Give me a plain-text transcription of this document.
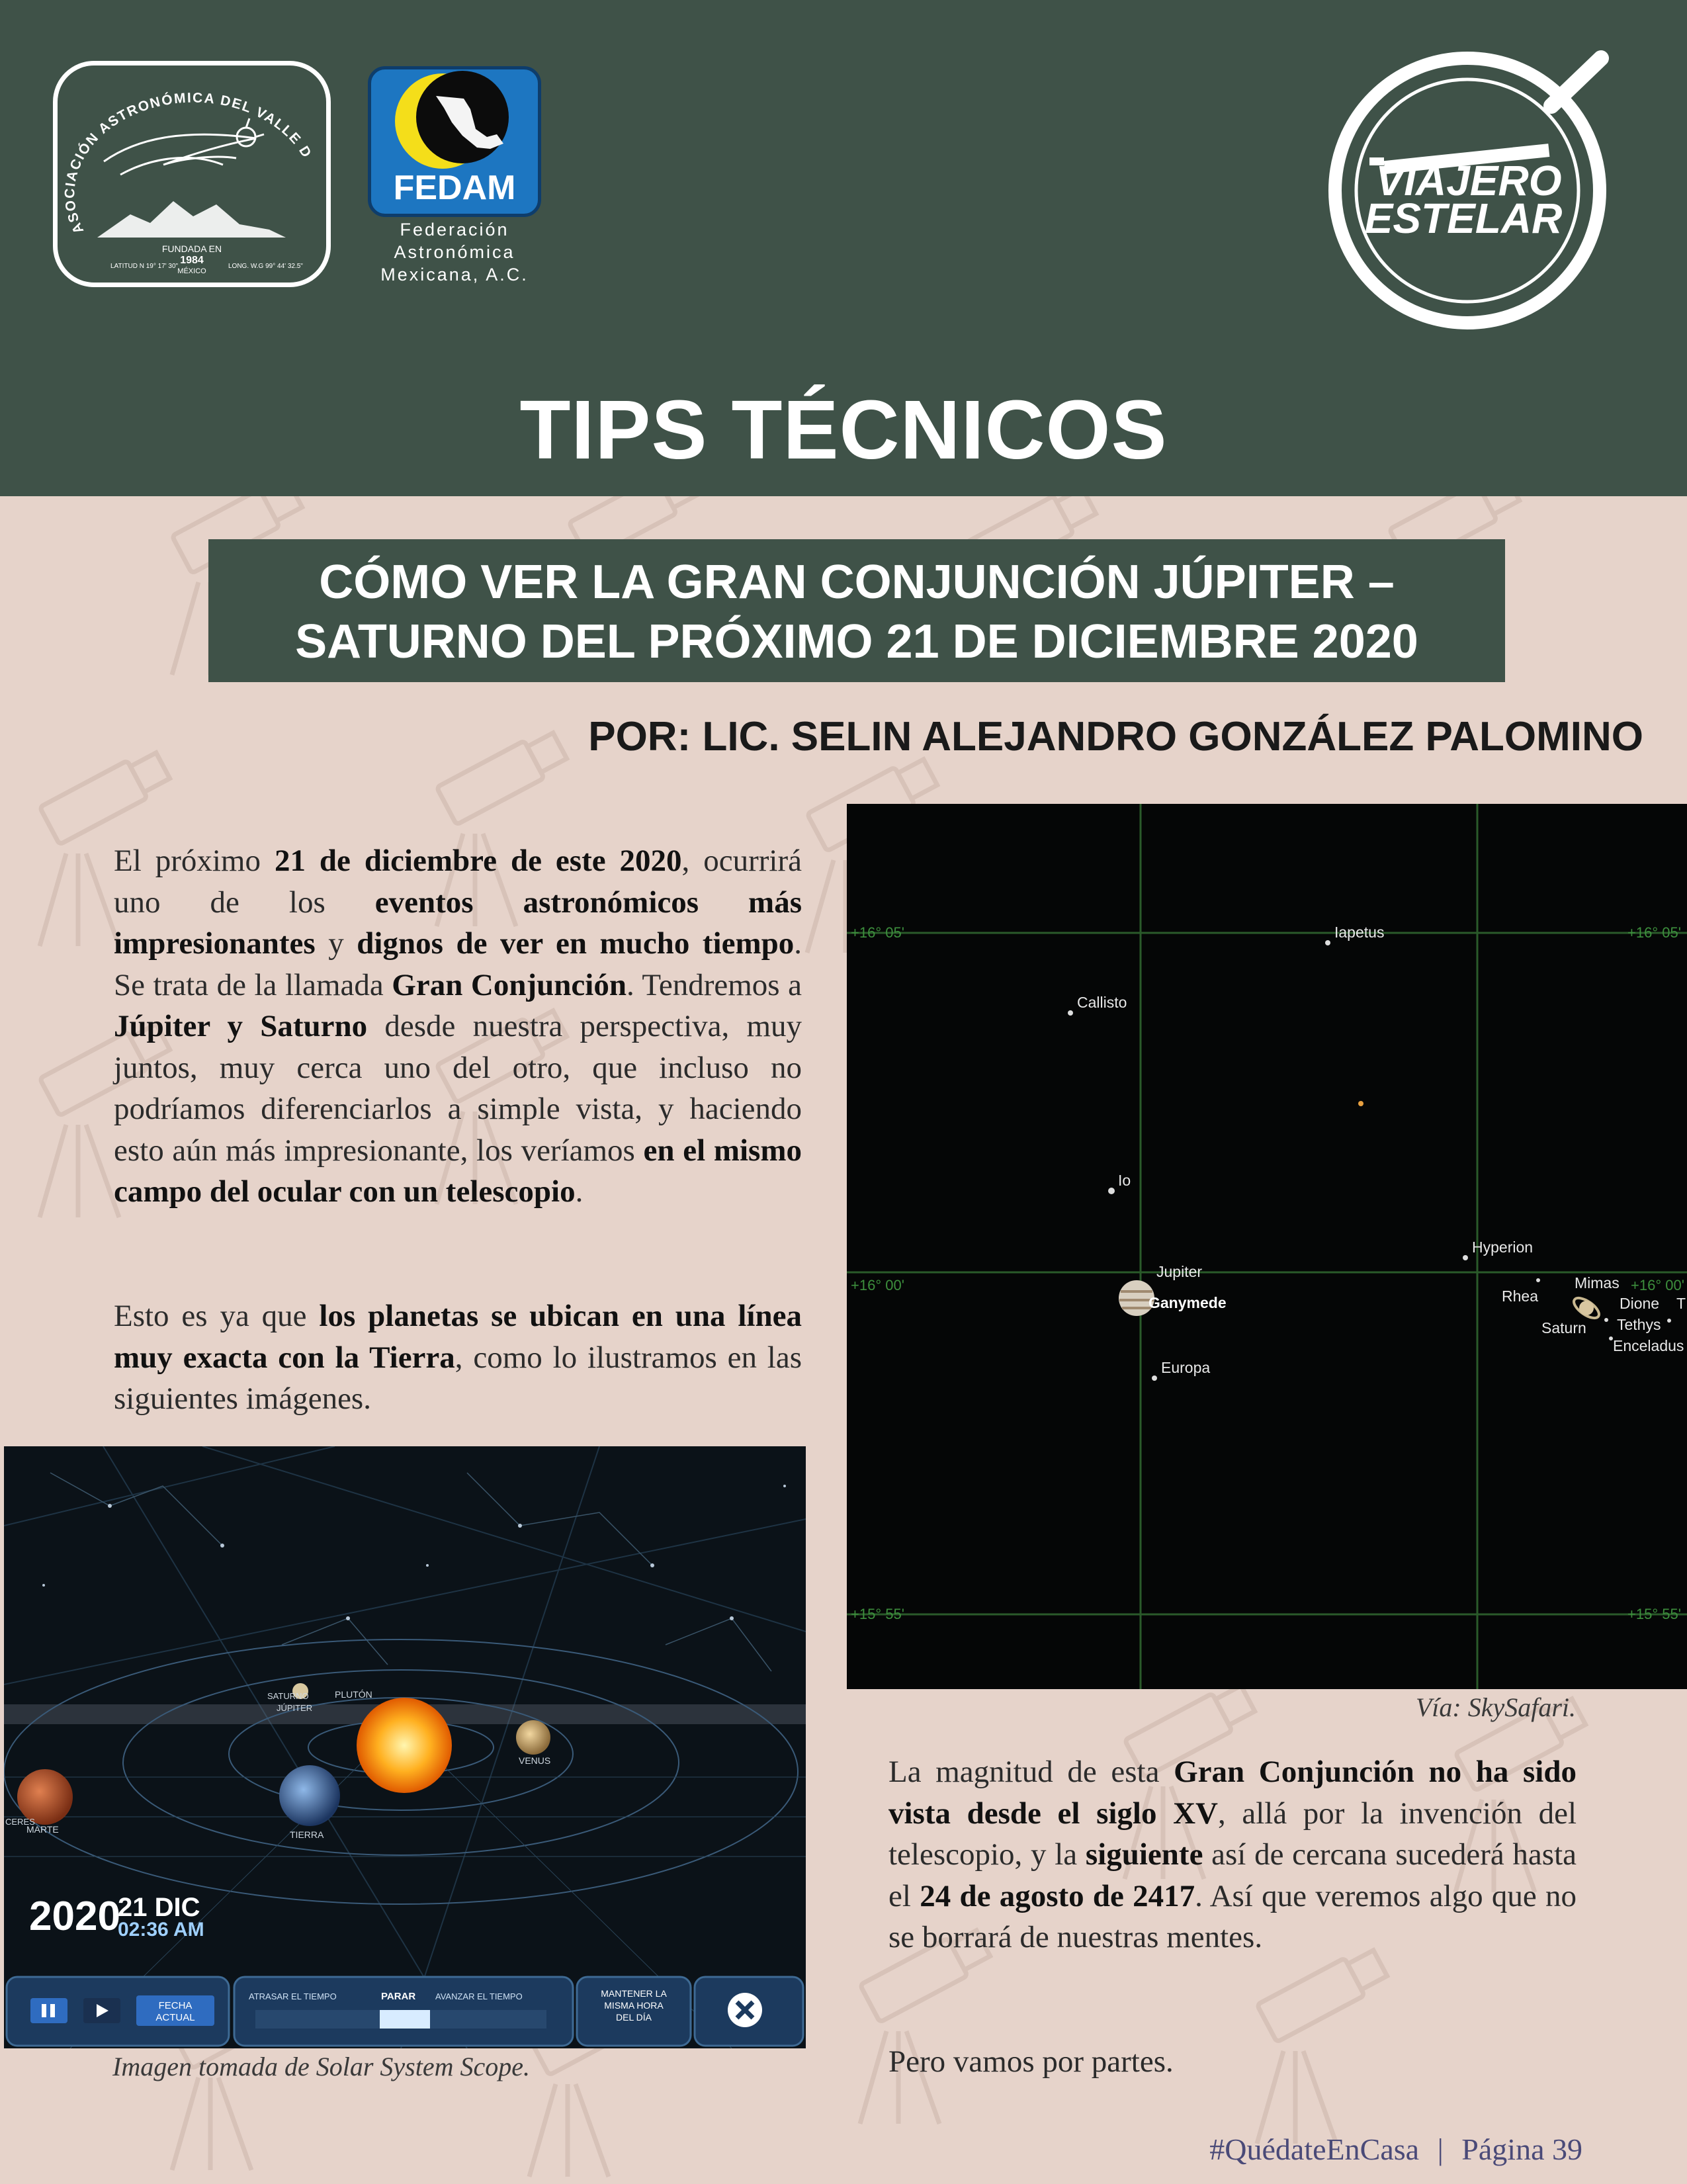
ASOCIACIÓN ASTRONÓMICA DEL VALLE D
FUNDADA EN
1984
MÉXICO
LATITUD N 19° 17' 30"	LONG. W.G 99° 44' 32.5"
FEDAM
Federación
Astronómica
Mexicana, A.C.
VIAJERO
ESTELAR
TIPS TÉCNICOS
CÓMO VER LA GRAN CONJUNCIÓN JÚPITER –
SATURNO DEL PRÓXIMO 21 DE DICIEMBRE 2020
POR: LIC. SELIN ALEJANDRO GONZÁLEZ PALOMINO
El próximo 21 de diciembre de este 2020, ocurrirá uno de los eventos astronómicos más impresionantes y dignos de ver en mucho tiempo. Se trata de la llamada Gran Conjunción. Tendremos a Júpiter y Saturno desde nuestra perspectiva, muy juntos, muy cerca uno del otro, que incluso no podríamos diferenciarlos a simple vista, y haciendo esto aún más impresionante, los veríamos en el mismo campo del ocular con un telescopio.
Esto es ya que los planetas se ubican en una línea muy exacta con la Tierra, como lo ilustramos en las siguientes imágenes.
La magnitud de esta Gran Conjunción no ha sido vista desde el siglo XV, allá por la invención del telescopio, y la siguiente así de cercana sucederá hasta el 24 de agosto de 2417. Así que veremos algo que no se borrará de nuestras mentes.
Pero vamos por partes.
+16° 05'	+16° 05'
+16° 00'	+16° 00'
+15° 55'	+15° 55'
Iapetus
Callisto
Io
Hyperion
Jupiter
Ganymede
Europa
Rhea
Mimas
Dione
Tethys
Saturn
Enceladus
T
Vía: SkySafari.
SATURNO
JÚPITER
PLUTÓN
VENUS
TIERRA
MARTE
CERES
2020
21 DIC
02:36 AM
FECHA
ACTUAL
ATRASAR EL TIEMPO	PARAR AVANZAR EL TIEMPO	MANTENER LA
MISMA HORA
DEL DÍA
Imagen tomada de Solar System Scope.
#QuédateEnCasa | Página 39
